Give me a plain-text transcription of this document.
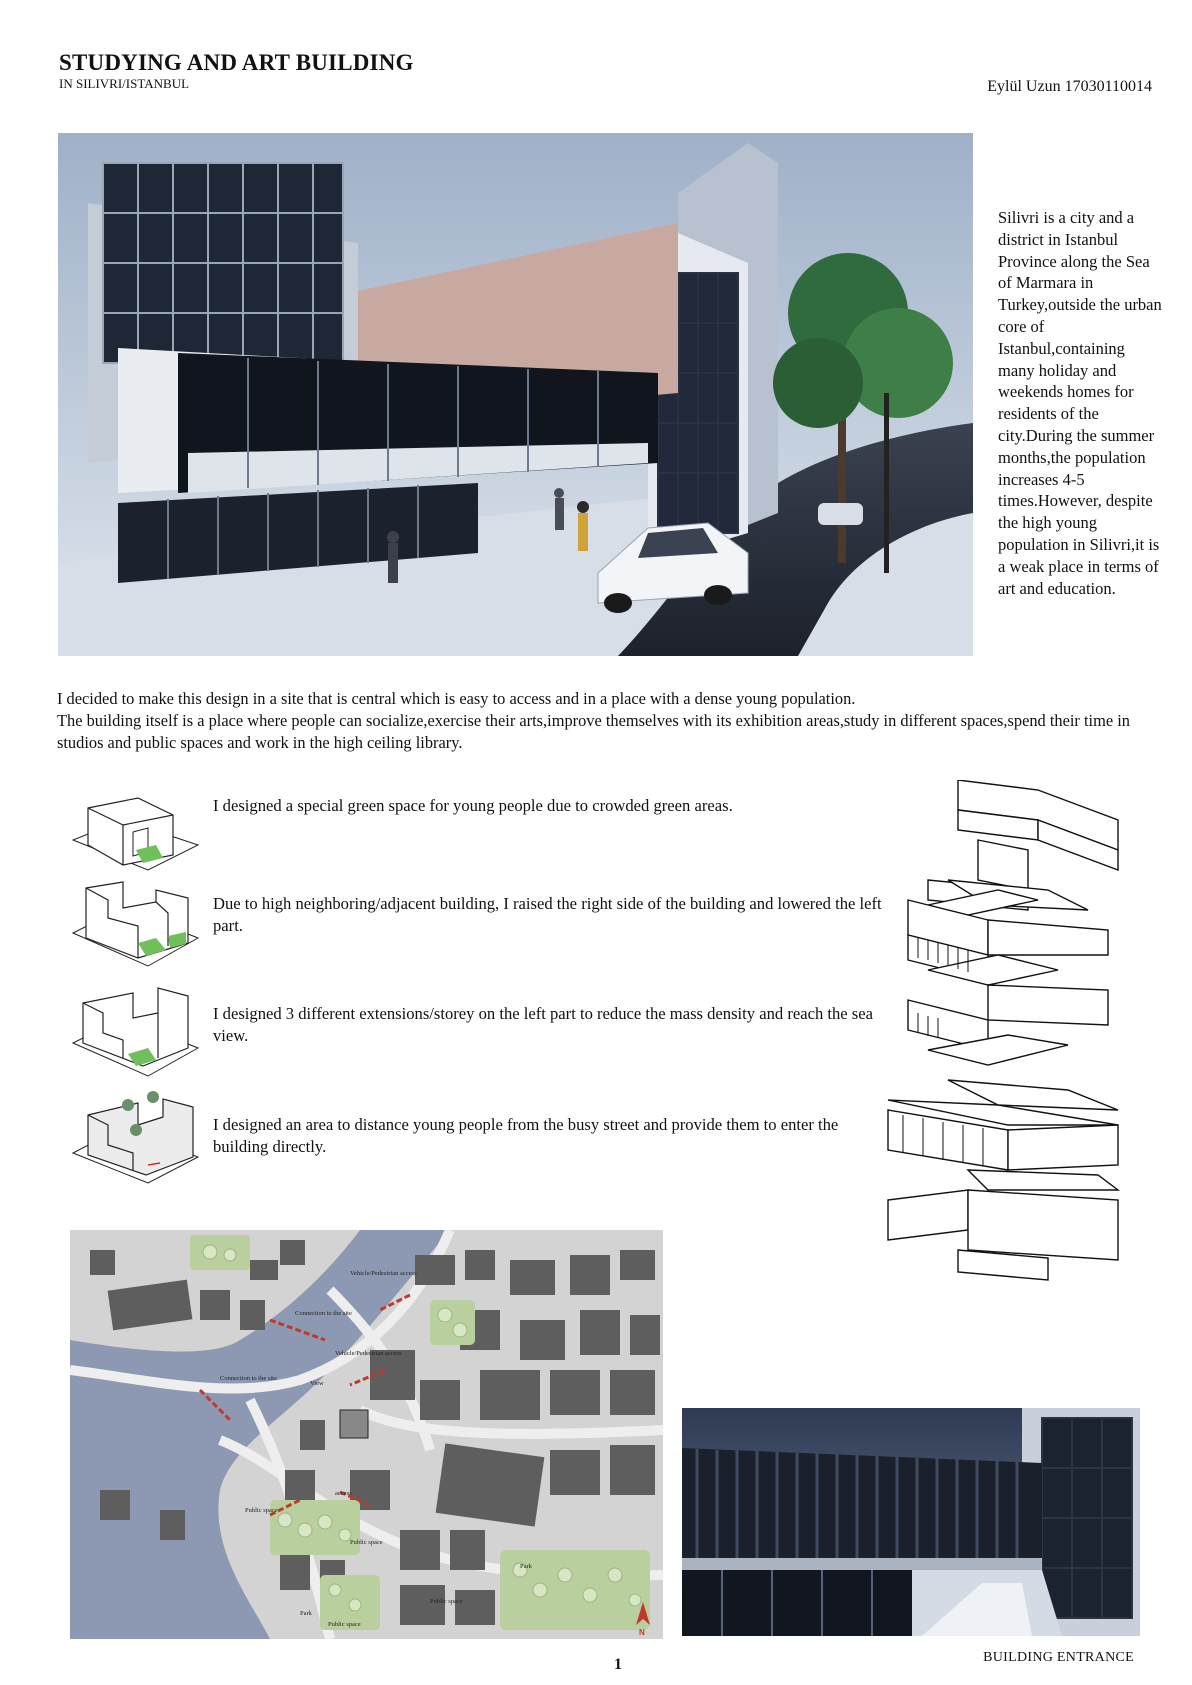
STUDYING AND ART BUILDING
IN SILIVRI/ISTANBUL	Eylül Uzun 17030110014
Silivri is a city and a district in Istanbul Province along the Sea of Marmara in Turkey,outside the urban core of Istanbul,containing many holiday and weekends homes for residents of the city.During the summer months,the population increases 4-5 times.However, despite the high young population in Silivri,it is a weak place in terms of art and education.
I decided to make this design in a site that is central which is easy to access and in a place with a dense young population.
The building itself is a place where people can socialize,exercise their arts,improve themselves with its exhibition areas,study in different spaces,spend their time in studios and public spaces and work in the high ceiling library.
I designed a special green space for young people due to crowded green areas.
Due to high neighboring/adjacent building, I raised the right side of the building and lowered the left part.
I designed 3 different extensions/storey on the left part to reduce the mass density and reach the sea view.
I designed an area to distance young people from the busy street and provide them to enter the building directly.
Vehicle/Pedestrian access
Connection to the site
Vehicle/Pedestrian access
Connection to the site
View
Public space
access
Public space
Park
Public space
Park
Public space
N
BUILDING ENTRANCE
1
